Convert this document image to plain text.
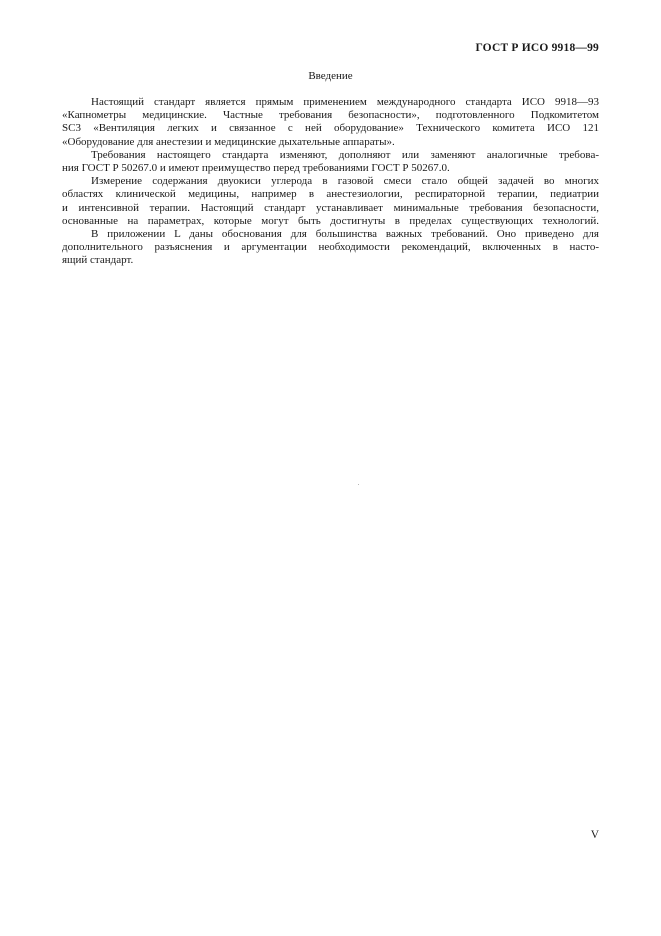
ГОСТ Р ИСО 9918—99
Введение
Настоящий стандарт является прямым применением международного стандарта ИСО 9918—93
«Капнометры медицинские. Частные требования безопасности», подготовленного Подкомитетом
SC3 «Вентиляция легких и связанное с ней оборудование» Технического комитета ИСО 121
«Оборудование для анестезии и медицинские дыхательные аппараты».
Требования настоящего стандарта изменяют, дополняют или заменяют аналогичные требова-
ния ГОСТ Р 50267.0 и имеют преимущество перед требованиями ГОСТ Р 50267.0.
Измерение содержания двуокиси углерода в газовой смеси стало общей задачей во многих
областях клинической медицины, например в анестезиологии, респираторной терапии, педиатрии
и интенсивной терапии. Настоящий стандарт устанавливает минимальные требования безопасности,
основанные на параметрах, которые могут быть достигнуты в пределах существующих технологий.
В приложении L даны обоснования для большинства важных требований. Оно приведено для
дополнительного разъяснения и аргументации необходимости рекомендаций, включенных в насто-
ящий стандарт.
V
